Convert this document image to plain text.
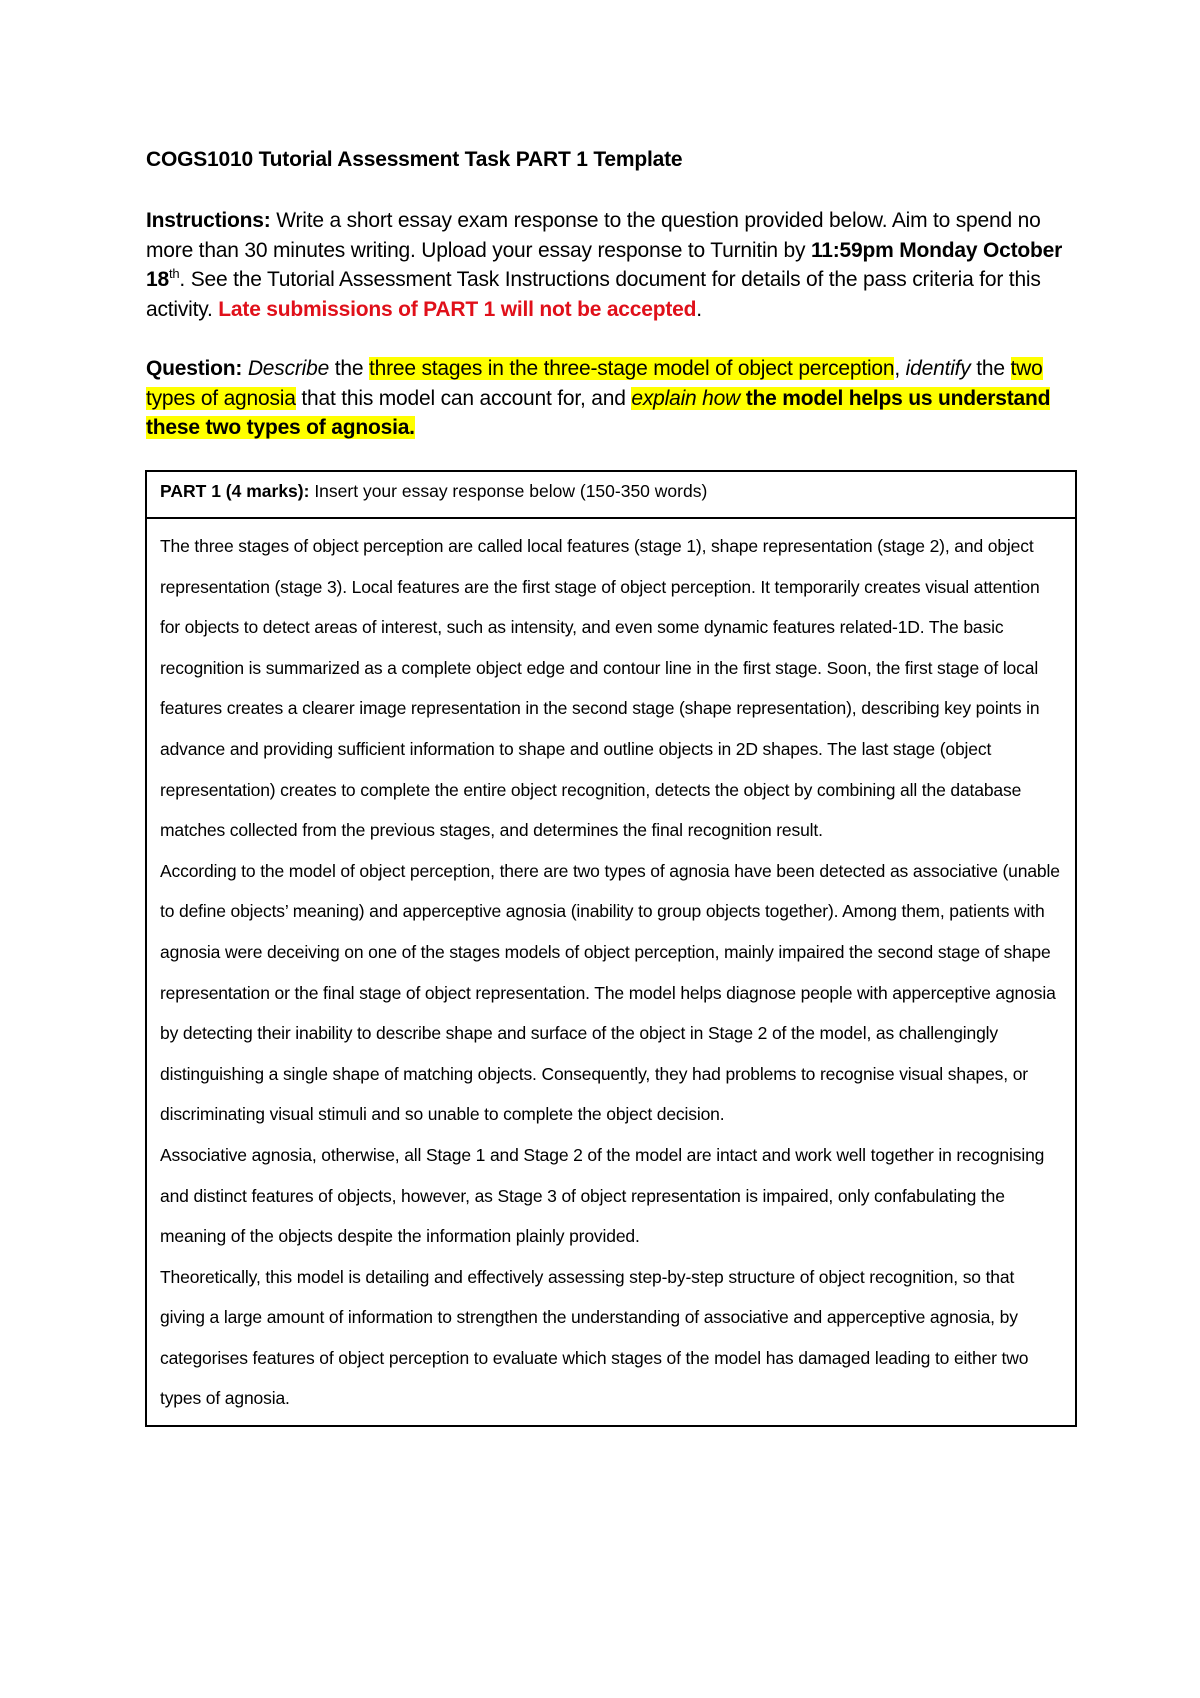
COGS1010 Tutorial Assessment Task PART 1 Template
Instructions: Write a short essay exam response to the question provided below. Aim to spend no more than 30 minutes writing. Upload your essay response to Turnitin by 11:59pm Monday October 18th. See the Tutorial Assessment Task Instructions document for details of the pass criteria for this activity. Late submissions of PART 1 will not be accepted.
Question: Describe the three stages in the three-stage model of object perception, identify the two types of agnosia that this model can account for, and explain how the model helps us understand these two types of agnosia.
PART 1 (4 marks): Insert your essay response below (150-350 words)

The three stages of object perception are called local features (stage 1), shape representation (stage 2), and object representation (stage 3). Local features are the first stage of object perception. It temporarily creates visual attention for objects to detect areas of interest, such as intensity, and even some dynamic features related-1D. The basic recognition is summarized as a complete object edge and contour line in the first stage. Soon, the first stage of local features creates a clearer image representation in the second stage (shape representation), describing key points in advance and providing sufficient information to shape and outline objects in 2D shapes. The last stage (object representation) creates to complete the entire object recognition, detects the object by combining all the database matches collected from the previous stages, and determines the final recognition result.

According to the model of object perception, there are two types of agnosia have been detected as associative (unable to define objects’ meaning) and apperceptive agnosia (inability to group objects together). Among them, patients with agnosia were deceiving on one of the stages models of object perception, mainly impaired the second stage of shape representation or the final stage of object representation. The model helps diagnose people with apperceptive agnosia by detecting their inability to describe shape and surface of the object in Stage 2 of the model, as challengingly distinguishing a single shape of matching objects. Consequently, they had problems to recognise visual shapes, or discriminating visual stimuli and so unable to complete the object decision.

Associative agnosia, otherwise, all Stage 1 and Stage 2 of the model are intact and work well together in recognising and distinct features of objects, however, as Stage 3 of object representation is impaired, only confabulating the meaning of the objects despite the information plainly provided.

Theoretically, this model is detailing and effectively assessing step-by-step structure of object recognition, so that giving a large amount of information to strengthen the understanding of associative and apperceptive agnosia, by categorises features of object perception to evaluate which stages of the model has damaged leading to either two types of agnosia.
